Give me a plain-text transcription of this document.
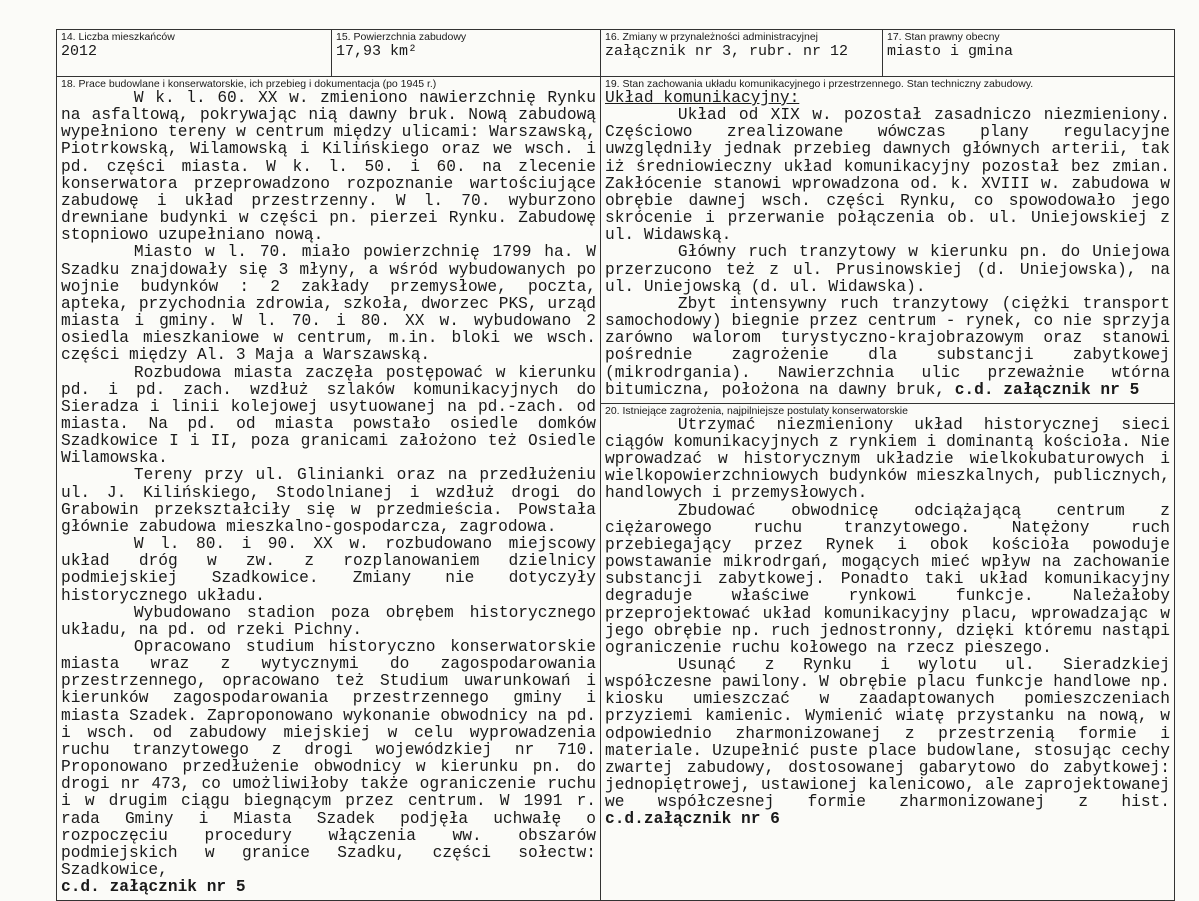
14. Liczba mieszkańców
2012
15. Powierzchnia zabudowy
17,93 km²
16. Zmiany w przynależności administracyjnej
załącznik nr 3, rubr. nr 12
17. Stan prawny obecny
miasto i gmina
18. Prace budowlane i konserwatorskie, ich przebieg i dokumentacja (po 1945 r.)

W k. l. 60. XX w. zmieniono nawierzchnię Rynku na asfaltową, pokrywając nią dawny bruk. Nową zabudową wypełniono tereny w centrum między ulicami: Warszawską, Piotrkowską, Wilamowską i Kilińskiego oraz we wsch. i pd. części miasta. W k. l. 50. i 60. na zlecenie konserwatora przeprowadzono rozpoznanie wartościujące zabudowę i układ przestrzenny. W l. 70. wyburzono drewniane budynki w części pn. pierzei Rynku. Zabudowę stopniowo uzupełniano nową.

Miasto w l. 70. miało powierzchnię 1799 ha. W Szadku znajdowały się 3 młyny, a wśród wybudowanych po wojnie budynków : 2 zakłady przemysłowe, poczta, apteka, przychodnia zdrowia, szkoła, dworzec PKS, urząd miasta i gminy. W l. 70. i 80. XX w. wybudowano 2 osiedla mieszkaniowe w centrum, m.in. bloki we wsch. części między Al. 3 Maja a Warszawską.

Rozbudowa miasta zaczęła postępować w kierunku pd. i pd. zach. wzdłuż szlaków komunikacyjnych do Sieradza i linii kolejowej usytuowanej na pd.-zach. od miasta. Na pd. od miasta powstało osiedle domków Szadkowice I i II, poza granicami założono też Osiedle Wilamowska.

Tereny przy ul. Glinianki oraz na przedłużeniu ul. J. Kilińskiego, Stodolnianej i wzdłuż drogi do Grabowin przekształciły się w przedmieścia. Powstała głównie zabudowa mieszkalno-gospodarcza, zagrodowa.

W l. 80. i 90. XX w. rozbudowano miejscowy układ dróg w zw. z rozplanowaniem dzielnicy podmiejskiej Szadkowice. Zmiany nie dotyczyły historycznego układu.

Wybudowano stadion poza obrębem historycznego układu, na pd. od rzeki Pichny.

Opracowano studium historyczno konserwatorskie miasta wraz z wytycznymi do zagospodarowania przestrzennego, opracowano też Studium uwarunkowań i kierunków zagospodarowania przestrzennego gminy i miasta Szadek. Zaproponowano wykonanie obwodnicy na pd. i wsch. od zabudowy miejskiej w celu wyprowadzenia ruchu tranzytowego z drogi wojewódzkiej nr 710. Proponowano przedłużenie obwodnicy w kierunku pn. do drogi nr 473, co umożliwiłoby także ograniczenie ruchu i w drugim ciągu biegnącym przez centrum. W 1991 r. rada Gminy i Miasta Szadek podjęła uchwałę o rozpoczęciu procedury włączenia ww. obszarów podmiejskich w granice Szadku, części sołectw: Szadkowice,

c.d. załącznik nr 5

19. Stan zachowania układu komunikacyjnego i przestrzennego. Stan techniczny zabudowy.

Układ komunikacyjny:

Układ od XIX w. pozostał zasadniczo niezmieniony. Częściowo zrealizowane wówczas plany regulacyjne uwzględniły jednak przebieg dawnych głównych arterii, tak iż średniowieczny układ komunikacyjny pozostał bez zmian. Zakłócenie stanowi wprowadzona od. k. XVIII w. zabudowa w obrębie dawnej wsch. części Rynku, co spowodowało jego skrócenie i przerwanie połączenia ob. ul. Uniejowskiej z ul. Widawską.

Główny ruch tranzytowy w kierunku pn. do Uniejowa przerzucono też z ul. Prusinowskiej (d. Uniejowska), na ul. Uniejowską (d. ul. Widawska).

Zbyt intensywny ruch tranzytowy (ciężki transport samochodowy) biegnie przez centrum - rynek, co nie sprzyja zarówno walorom turystyczno-krajobrazowym oraz stanowi pośrednie zagrożenie dla substancji zabytkowej (mikrodrgania). Nawierzchnia ulic przeważnie wtórna bitumiczna, położona na dawny bruk, c.d. załącznik nr 5

20. Istniejące zagrożenia, najpilniejsze postulaty konserwatorskie

Utrzymać niezmieniony układ historycznej sieci ciągów komunikacyjnych z rynkiem i dominantą kościoła. Nie wprowadzać w historycznym układzie wielkokubaturowych i wielkopowierzchniowych budynków mieszkalnych, publicznych, handlowych i przemysłowych.

Zbudować obwodnicę odciążającą centrum z ciężarowego ruchu tranzytowego. Natężony ruch przebiegający przez Rynek i obok kościoła powoduje powstawanie mikrodrgań, mogących mieć wpływ na zachowanie substancji zabytkowej. Ponadto taki układ komunikacyjny degraduje właściwe rynkowi funkcje. Należałoby przeprojektować układ komunikacyjny placu, wprowadzając w jego obrębie np. ruch jednostronny, dzięki któremu nastąpi ograniczenie ruchu kołowego na rzecz pieszego.

Usunąć z Rynku i wylotu ul. Sieradzkiej współczesne pawilony. W obrębie placu funkcje handlowe np. kiosku umieszczać w zaadaptowanych pomieszczeniach przyziemi kamienic. Wymienić wiatę przystanku na nową, w odpowiednio zharmonizowanej z przestrzenią formie i materiale. Uzupełnić puste place budowlane, stosując cechy zwartej zabudowy, dostosowanej gabarytowo do zabytkowej: jednopiętrowej, ustawionej kalenicowo, ale zaprojektowanej we współczesnej formie zharmonizowanej z hist. c.d.załącznik nr 6
